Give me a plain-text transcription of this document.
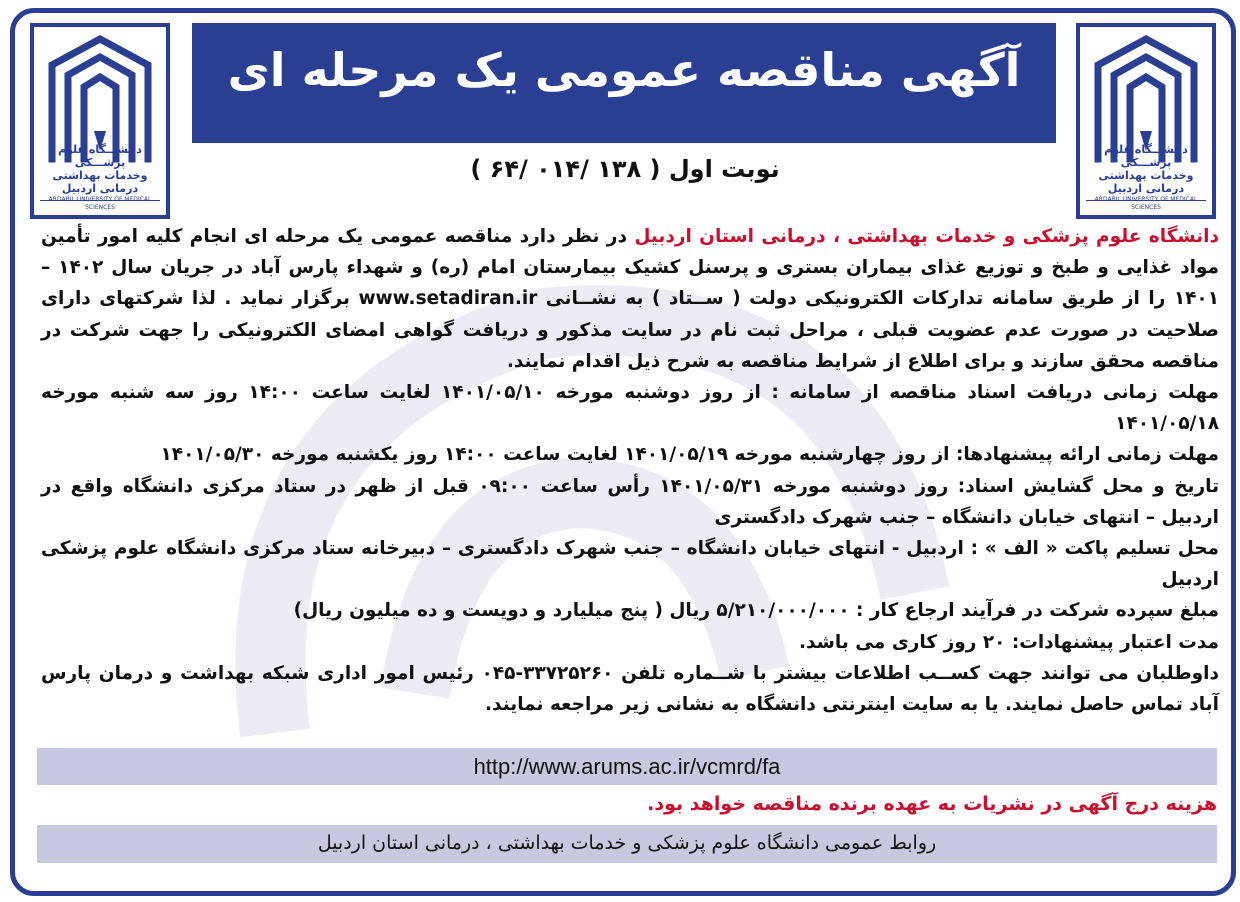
آگهی مناقصه عمومی یک مرحله ای
دانشـــگاه علوم پزشـــكی
وخدمات بهداشتی درمانی اردبیل
ARDABIL UNIVERSITY OF MEDICAL SCIENCES
دانشـــگاه علوم پزشـــكی
وخدمات بهداشتی درمانی اردبیل
ARDABIL UNIVERSITY OF MEDICAL SCIENCES
نوبت اول ( ۱۳۸ /۰۱۴ /۶۴ )

دانشگاه علوم پزشکی و خدمات بهداشتی ، درمانی استان اردبیل در نظر دارد مناقصه عمومی یک مرحله ای انجام کلیه امور تأمین مواد غذایی و طبخ و توزیع غذای بیماران بستری و پرسنل کشیک بیمارستان امام (ره) و شهداء پارس آباد در جریان سال ۱۴۰۲ – ۱۴۰۱ را از طریق سامانه تدارکات الکترونیکی دولت ( ســتاد ) به نشــانی www.setadiran.ir برگزار نماید . لذا شرکتهای دارای صلاحیت در صورت عدم عضویت قبلی ، مراحل ثبت نام در سایت مذکور و دریافت گواهی امضای الکترونیکی را جهت شرکت در مناقصه محقق سازند و برای اطلاع از شرایط مناقصه به شرح ذیل اقدام نمایند.

مهلت زمانی دریافت اسناد مناقصه از سامانه : از روز دوشنبه مورخه ۱۴۰۱/۰۵/۱۰ لغایت ساعت ۱۴:۰۰ روز سه شنبه مورخه ۱۴۰۱/۰۵/۱۸

مهلت زمانی ارائه پیشنهادها: از روز چهارشنبه مورخه ۱۴۰۱/۰۵/۱۹ لغایت ساعت ۱۴:۰۰ روز یکشنبه مورخه ۱۴۰۱/۰۵/۳۰

تاریخ و محل گشایش اسناد: روز دوشنبه مورخه ۱۴۰۱/۰۵/۳۱ رأس ساعت ۰۹:۰۰ قبل از ظهر در ستاد مرکزی دانشگاه واقع در اردبیل – انتهای خیابان دانشگاه – جنب شهرک دادگستری

محل تسلیم پاکت « الف » : اردبیل - انتهای خیابان دانشگاه – جنب شهرک دادگستری – دبیرخانه ستاد مرکزی دانشگاه علوم پزشکی اردبیل

مبلغ سپرده شرکت در فرآیند ارجاع کار : ۵/۲۱۰/۰۰۰/۰۰۰ ریال ( پنج میلیارد و دویست و ده میلیون ریال)

مدت اعتبار پیشنهادات: ۲۰ روز کاری می باشد.

داوطلبان می توانند جهت کســب اطلاعات بیشتر با شــماره تلفن ۳۳۷۲۵۲۶۰-۰۴۵ رئیس امور اداری شبکه بهداشت و درمان پارس آباد تماس حاصل نمایند. یا به سایت اینترنتی دانشگاه به نشانی زیر مراجعه نمایند.

http://www.arums.ac.ir/vcmrd/fa
هزینه درج آگهی در نشریات به عهده برنده مناقصه خواهد بود.
روابط عمومی دانشگاه علوم پزشکی و خدمات بهداشتی ، درمانی استان اردبیل
